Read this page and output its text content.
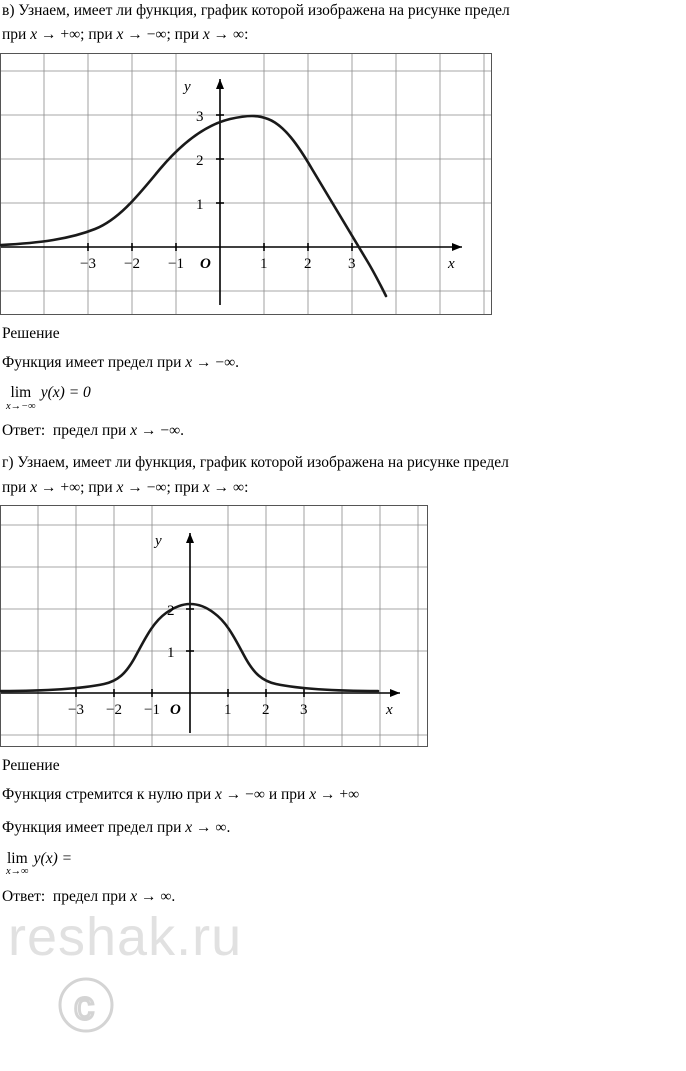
в) Узнаем, имеет ли функция, график которой изображена на рисунке предел
при x → +∞; при x → −∞; при x → ∞:
−3 −2 −1	1 2 3
O
1
2
3
y
x
Решение
Функция имеет предел при x → −∞.
lim
x→−∞
y(x) = 0
Ответ:  предел при x → −∞.
г) Узнаем, имеет ли функция, график которой изображена на рисунке предел
при x → +∞; при x → −∞; при x → ∞:
−3 −2 −1	1 2 3
O
1
2
y
x
Решение
Функция стремится к нулю при x → −∞ и при x → +∞
Функция имеет предел при x → ∞.
lim
x→∞
y(x) =
Ответ:  предел при x → ∞.
reshak.ru
c
